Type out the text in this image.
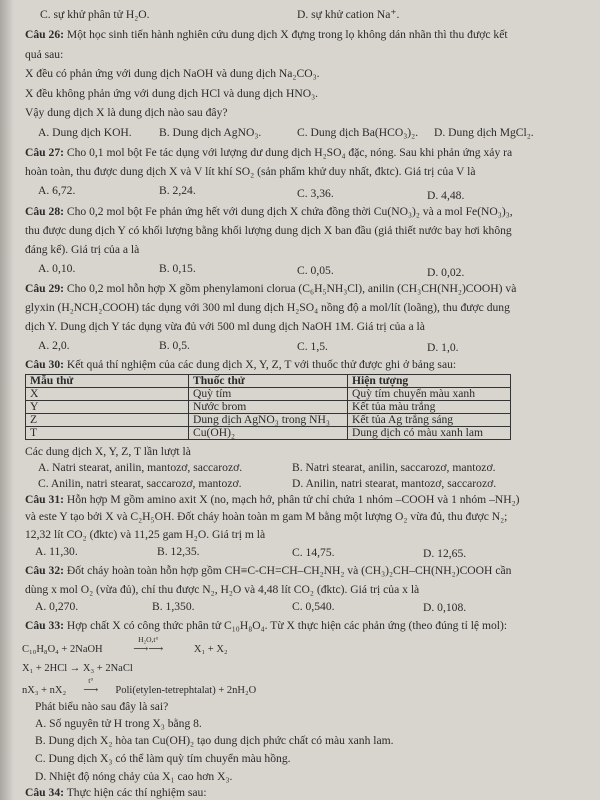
C. sự khử phân tử H₂O.	D. sự khử cation Na⁺.
Câu 26: Một học sinh tiến hành nghiên cứu dung dịch X đựng trong lọ không dán nhãn thì thu được kết
quả sau:
X đều có phản ứng với dung dịch NaOH và dung dịch Na₂CO₃.
X đều không phản ứng với dung dịch HCl và dung dịch HNO₃.
Vậy dung dịch X là dung dịch nào sau đây?
A. Dung dịch KOH. B. Dung dịch AgNO₃.	C. Dung dịch Ba(HCO₃)₂. D. Dung dịch MgCl₂.
Câu 27: Cho 0,1 mol bột Fe tác dụng với lượng dư dung dịch H₂SO₄ đặc, nóng. Sau khi phản ứng xảy ra
hoàn toàn, thu được dung dịch X và V lít khí SO₂ (sản phẩm khử duy nhất, đktc). Giá trị của V là
A. 6,72.	B. 2,24.	C. 3,36.	D. 4,48.
Câu 28: Cho 0,2 mol bột Fe phản ứng hết với dung dịch X chứa đồng thời Cu(NO₃)₂ và a mol Fe(NO₃)₃,
thu được dung dịch Y có khối lượng bằng khối lượng dung dịch X ban đầu (giả thiết nước bay hơi không
đáng kể). Giá trị của a là
A. 0,10.	B. 0,15.	C. 0,05.	D. 0,02.
Câu 29: Cho 0,2 mol hỗn hợp X gồm phenylamoni clorua (C₆H₅NH₃Cl), anilin (CH₃CH(NH₂)COOH) và
glyxin (H₂NCH₂COOH) tác dụng với 300 ml dung dịch H₂SO₄ nồng độ a mol/lít (loãng), thu được dung
dịch Y. Dung dịch Y tác dụng vừa đủ với 500 ml dung dịch NaOH 1M. Giá trị của a là
A. 2,0.	B. 0,5.	C. 1,5.	D. 1,0.
Câu 30: Kết quả thí nghiệm của các dung dịch X, Y, Z, T với thuốc thử được ghi ở bảng sau:
Mẫu thử	Thuốc thử	Hiện tượng
X	Quỳ tím	Quỳ tím chuyển màu xanh
Y	Nước brom	Kết tủa màu trắng
Z	Dung dịch AgNO₃ trong NH₃	Kết tủa Ag trắng sáng
T	Cu(OH)₂	Dung dịch có màu xanh lam
Các dung dịch X, Y, Z, T lần lượt là
A. Natri stearat, anilin, mantozơ, saccarozơ.	B. Natri stearat, anilin, saccarozơ, mantozơ.
C. Anilin, natri stearat, saccarozơ, mantozơ.	D. Anilin, natri stearat, mantozơ, saccarozơ.
Câu 31: Hỗn hợp M gồm amino axit X (no, mạch hở, phân tử chỉ chứa 1 nhóm –COOH và 1 nhóm –NH₂)
và este Y tạo bởi X và C₂H₅OH. Đốt cháy hoàn toàn m gam M bằng một lượng O₂ vừa đủ, thu được N₂;
12,32 lít CO₂ (đktc) và 11,25 gam H₂O. Giá trị m là
A. 11,30.	B. 12,35.	C. 14,75.	D. 12,65.
Câu 32: Đốt cháy hoàn toàn hỗn hợp gồm CH≡C-CH=CH–CH₂NH₂ và (CH₃)₂CH–CH(NH₂)COOH cần
dùng x mol O₂ (vừa đủ), chỉ thu được N₂, H₂O và 4,48 lít CO₂ (đktc). Giá trị của x là
A. 0,270.	B. 1,350.	C. 0,540.	D. 0,108.
Câu 33: Hợp chất X có công thức phân tử C₁₀H₈O₄. Từ X thực hiện các phản ứng (theo đúng tỉ lệ mol):
C₁₀H₈O₄ + 2NaOH
H₂O,t°
⟶⟶	X₁ + X₂
X₁ + 2HCl → X₃ + 2NaCl
nX₃ + nX₂
t°
⟶ Poli(etylen-tetrephtalat) + 2nH₂O
Phát biểu nào sau đây là sai?
A. Số nguyên tử H trong X₃ bằng 8.
B. Dung dịch X₂ hòa tan Cu(OH)₂ tạo dung dịch phức chất có màu xanh lam.
C. Dung dịch X₃ có thể làm quỳ tím chuyển màu hồng.
D. Nhiệt độ nóng chảy của X₁ cao hơn X₃.
Câu 34: Thực hiện các thí nghiệm sau:
